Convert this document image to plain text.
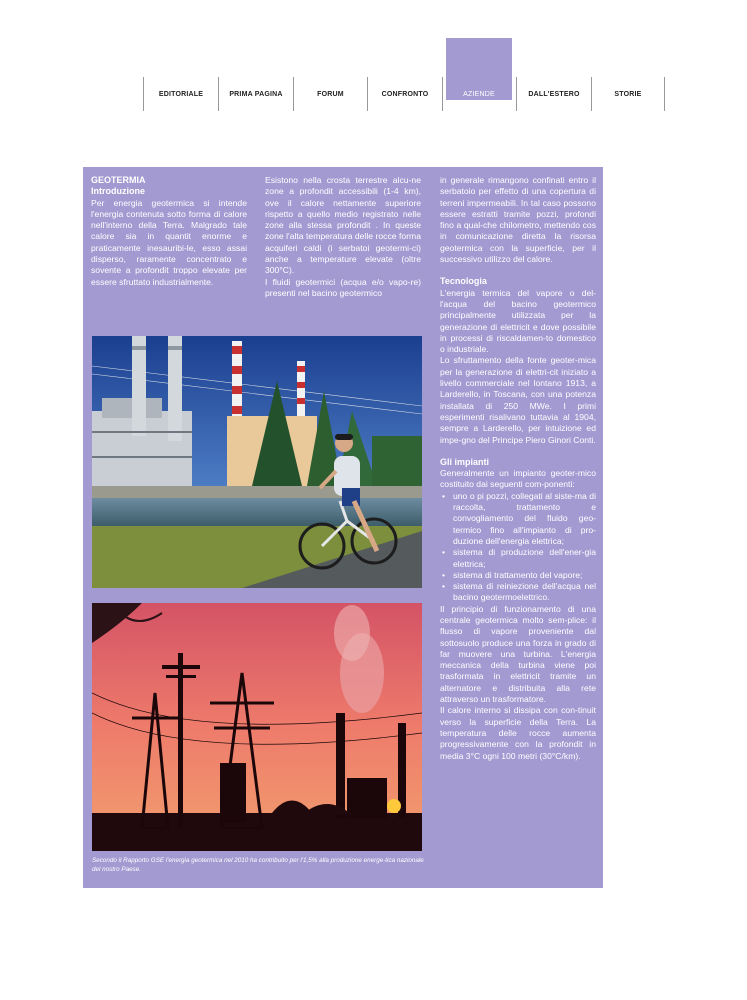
EDITORIALE	PRIMA PAGINA	FORUM	CONFRONTO	AZIENDE	DALL'ESTERO	STORIE

GEOTERMIA

Introduzione

Per energia geotermica si intende l'energia contenuta sotto forma di calore nell'interno della Terra. Malgrado tale calore sia in quantit enorme e praticamente inesauribi-le, esso assai disperso, raramente concentrato e sovente a profondit troppo elevate per essere sfruttato industrialmente.

Esistono nella crosta terrestre alcu-ne zone a profondit accessibili (1-4 km), ove il calore nettamente superiore rispetto a quello medio registrato nelle zone alla stessa profondit . In queste zone l'alta temperatura delle rocce forma acquiferi caldi (i serbatoi geotermi-ci) anche a temperature elevate (oltre 300°C).

I fluidi geotermici (acqua e/o vapo-re) presenti nel bacino geotermico

in generale rimangono confinati entro il serbatoio per effetto di una copertura di terreni impermeabili. In tal caso possono essere estratti tramite pozzi, profondi fino a qual-che chilometro, mettendo cos in comunicazione diretta la risorsa geotermica con la superficie, per il successivo utilizzo del calore.

Tecnologia

L'energia termica del vapore o del-l'acqua del bacino geotermico principalmente utilizzata per la generazione di elettricit e dove possibile in processi di riscaldamen-to domestico o industriale.

Lo sfruttamento della fonte geoter-mica per la generazione di elettri-cit iniziato a livello commerciale nel lontano 1913, a Larderello, in Toscana, con una potenza installata di 250 MWe. I primi esperimenti risalivano tuttavia al 1904, sempre a Larderello, per intuizione ed impe-gno del Principe Piero Ginori Conti.

Gli impianti

Generalmente un impianto geoter-mico costituito dai seguenti com-ponenti:

• uno o pi pozzi, collegati al siste-ma di raccolta, trattamento e convogliamento del fluido geo-termico fino all'impianto di pro-duzione dell'energia elettrica;
• sistema di produzione dell'ener-gia elettrica;
• sistema di trattamento del vapore;
• sistema di reiniezione dell'acqua nel bacino geotermoelettrico.

Il principio di funzionamento di una centrale geotermica molto sem-plice: il flusso di vapore proveniente dal sottosuolo produce una forza in grado di far muovere una turbina. L'energia meccanica della turbina viene poi trasformata in elettricit tramite un alternatore e distribuita alla rete attraverso un trasformatore.

Il calore interno si dissipa con con-tinuit verso la superficie della Terra. La temperatura delle rocce aumenta progressivamente con la profondit in media 3°C ogni 100 metri (30°C/km).

Secondo il Rapporto GSE l'energia geotermica nel 2010 ha contribuito per l'1,5% alla produzione energe-tica nazionale del nostro Paese.
